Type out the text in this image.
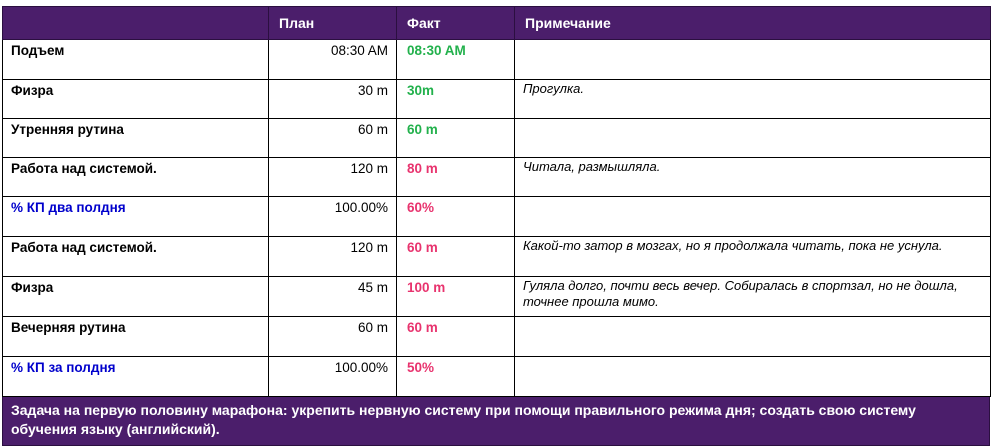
	План	Факт	Примечание
Подъем	08:30 AM	08:30 AM	
Физра	30 m	30m	Прогулка.
Утренняя рутина	60 m	60 m	
Работа над системой.	120 m	80 m	Читала, размышляла.
% КП два полдня	100.00%	60%	
Работа над системой.	120 m	60 m	Какой-то затор в мозгах, но я продолжала читать, пока не уснула.
Физра	45 m	100 m	Гуляла долго, почти весь вечер. Собиралась в спортзал, но не дошла, точнее прошла мимо.
Вечерняя рутина	60 m	60 m	
% КП за полдня	100.00%	50%	
Задача на первую половину марафона: укрепить нервную систему при помощи правильного режима дня; создать свою систему обучения языку (английский).
